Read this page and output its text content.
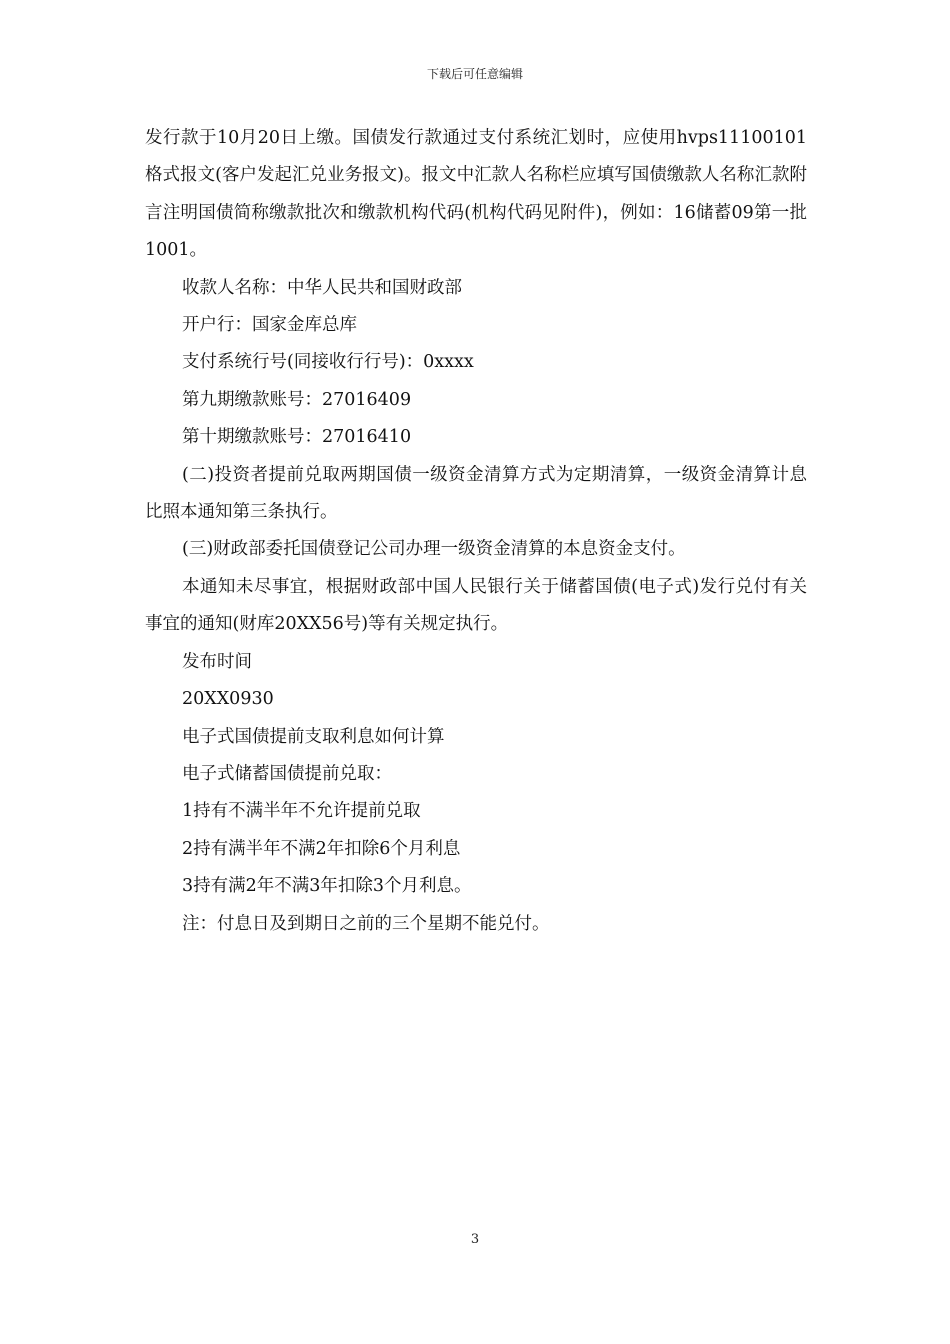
下载后可任意编辑

发行款于10月20日上缴。国债发行款通过支付系统汇划时，应使用hvps11100101格式报文(客户发起汇兑业务报文)。报文中汇款人名称栏应填写国债缴款人名称汇款附言注明国债简称缴款批次和缴款机构代码(机构代码见附件)，例如：16储蓄09第一批1001。

收款人名称：中华人民共和国财政部

开户行：国家金库总库

支付系统行号(同接收行行号)：0xxxx

第九期缴款账号：27016409

第十期缴款账号：27016410

(二)投资者提前兑取两期国债一级资金清算方式为定期清算，一级资金清算计息比照本通知第三条执行。

(三)财政部委托国债登记公司办理一级资金清算的本息资金支付。

本通知未尽事宜，根据财政部中国人民银行关于储蓄国债(电子式)发行兑付有关事宜的通知(财库20XX56号)等有关规定执行。

发布时间

20XX0930

电子式国债提前支取利息如何计算

电子式储蓄国债提前兑取：

1持有不满半年不允许提前兑取

2持有满半年不满2年扣除6个月利息

3持有满2年不满3年扣除3个月利息。

注：付息日及到期日之前的三个星期不能兑付。

3
